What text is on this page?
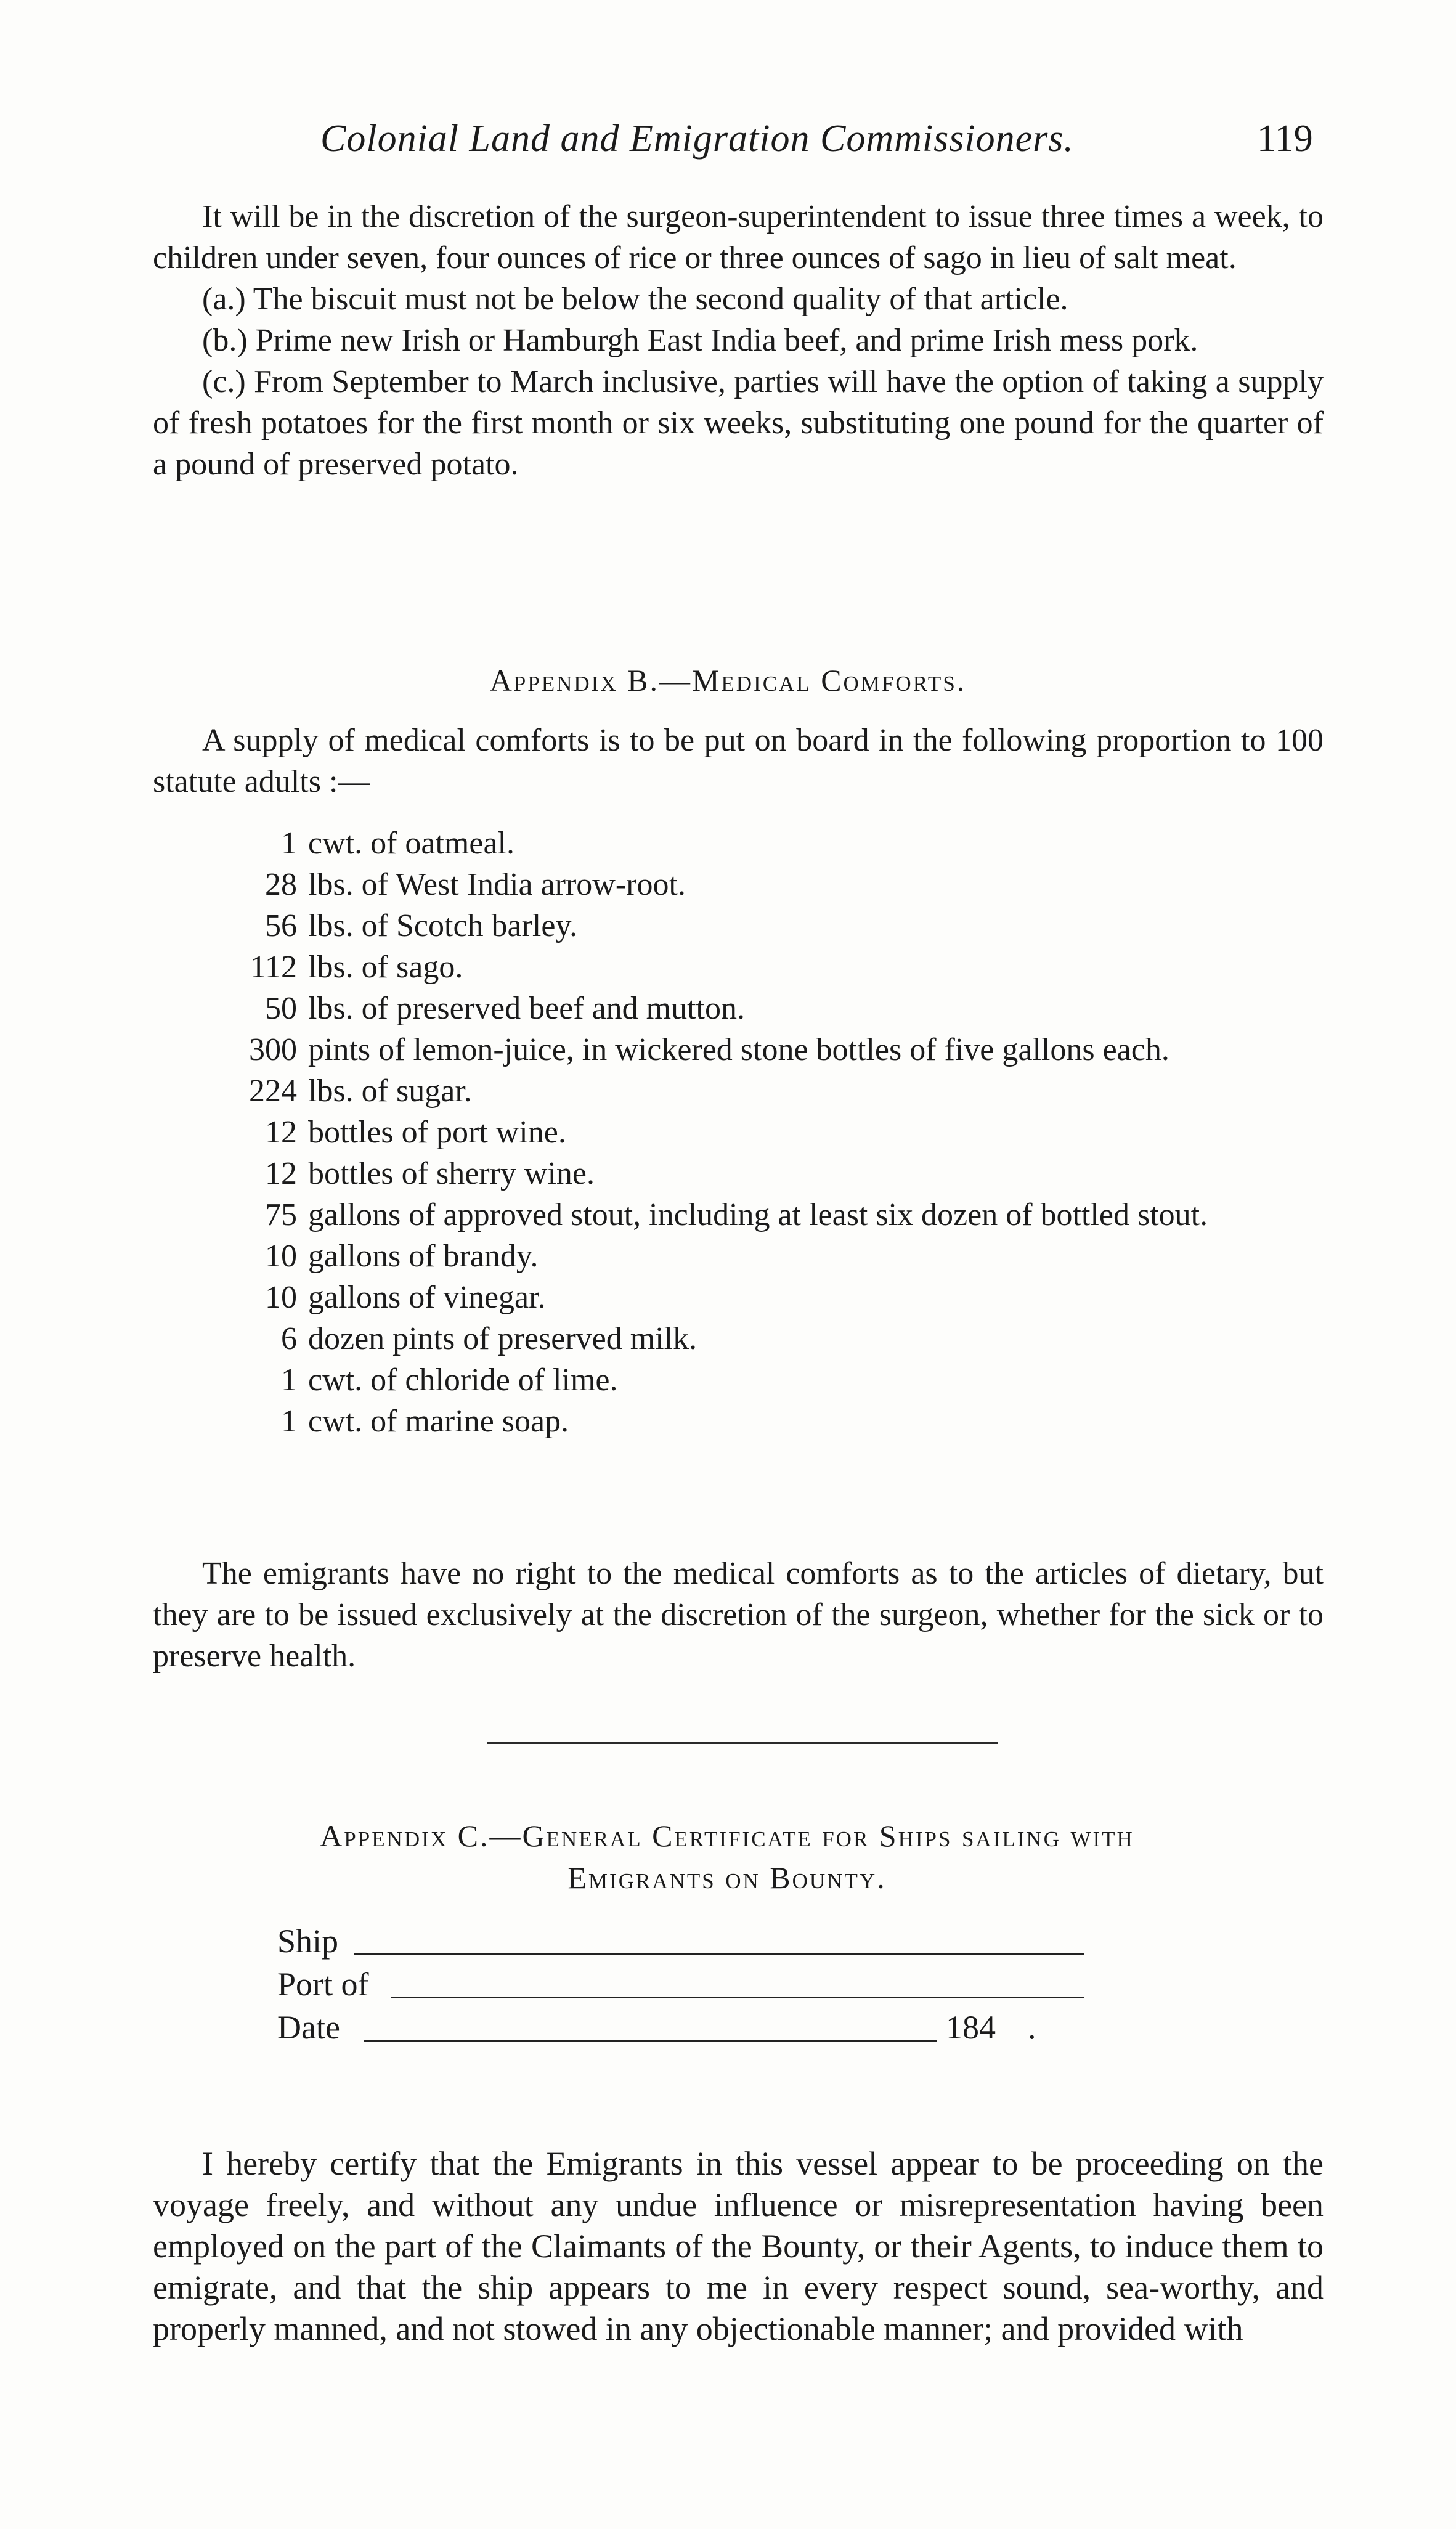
Colonial Land and Emigration Commissioners.	119

It will be in the discretion of the surgeon-superintendent to issue three times a week, to children under seven, four ounces of rice or three ounces of sago in lieu of salt meat.

(a.) The biscuit must not be below the second quality of that article.

(b.) Prime new Irish or Hamburgh East India beef, and prime Irish mess pork.

(c.) From September to March inclusive, parties will have the option of taking a supply of fresh potatoes for the first month or six weeks, substituting one pound for the quarter of a pound of preserved potato.

Appendix B.—Medical Comforts.

A supply of medical comforts is to be put on board in the following proportion to 100 statute adults :—

1 cwt. of oatmeal.
28 lbs. of West India arrow-root.
56 lbs. of Scotch barley.
112 lbs. of sago.
50 lbs. of preserved beef and mutton.
300 pints of lemon-juice, in wickered stone bottles of five gallons each.
224 lbs. of sugar.
12 bottles of port wine.
12 bottles of sherry wine.
75 gallons of approved stout, including at least six dozen of bottled stout.
10 gallons of brandy.
10 gallons of vinegar.
6 dozen pints of preserved milk.
1 cwt. of chloride of lime.
1 cwt. of marine soap.

The emigrants have no right to the medical comforts as to the articles of dietary, but they are to be issued exclusively at the discretion of the surgeon, whether for the sick or to preserve health.

Appendix C.—General Certificate for Ships sailing with
Emigrants on Bounty.
Ship
Port of
Date	184 .

I hereby certify that the Emigrants in this vessel appear to be proceeding on the voyage freely, and without any undue influence or misrepresentation having been employed on the part of the Claimants of the Bounty, or their Agents, to induce them to emigrate, and that the ship appears to me in every respect sound, sea-worthy, and properly manned, and not stowed in any objectionable manner; and provided with
